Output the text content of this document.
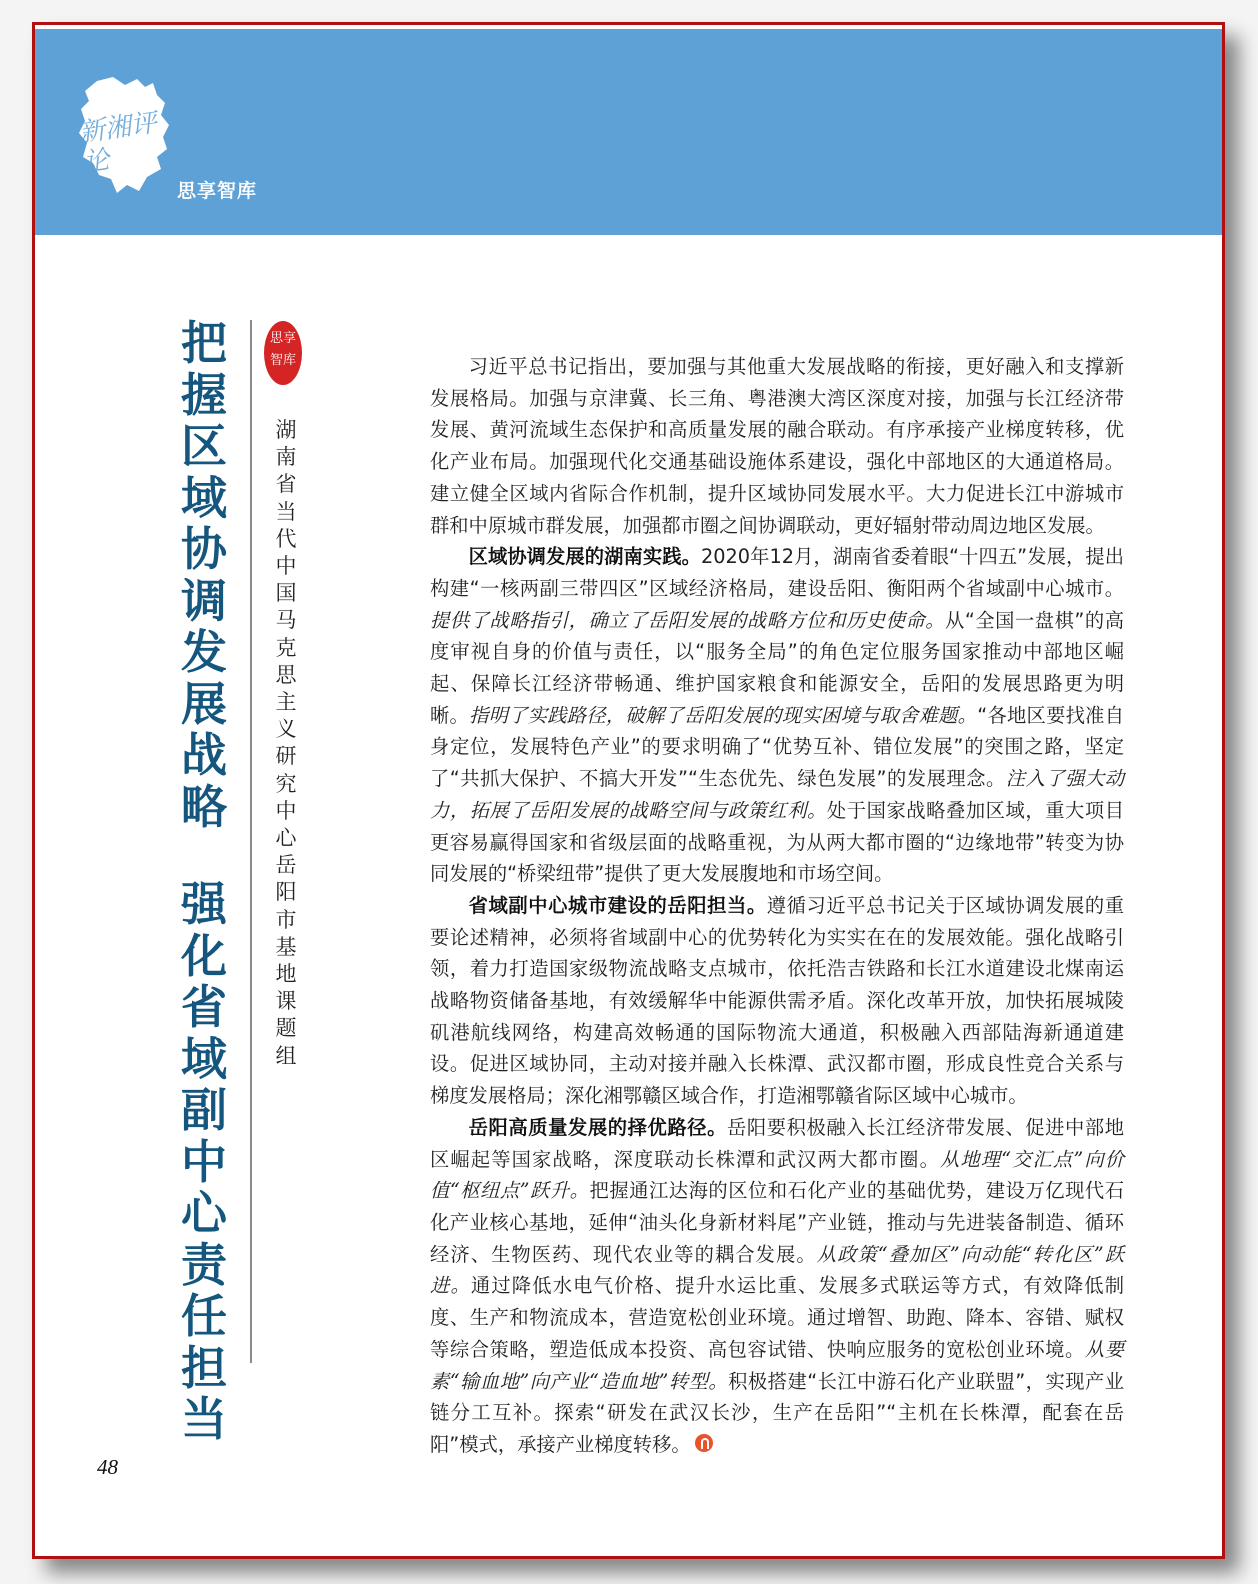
新湘评论
思享智库
把
握
区
域
协
调
发
展
战
略
强
化
省
域
副
中
心
责
任
担
当
思享
智库
湖
南
省
当
代
中
国
马
克
思
主
义
研
究
中
心
岳
阳
市
基
地
课
题
组

习近平总书记指出，要加强与其他重大发展战略的衔接，更好融入和支撑新发展格局。加强与京津冀、长三角、粤港澳大湾区深度对接，加强与长江经济带发展、黄河流域生态保护和高质量发展的融合联动。有序承接产业梯度转移，优化产业布局。加强现代化交通基础设施体系建设，强化中部地区的大通道格局。建立健全区域内省际合作机制，提升区域协同发展水平。大力促进长江中游城市群和中原城市群发展，加强都市圈之间协调联动，更好辐射带动周边地区发展。

区域协调发展的湖南实践。2020年12月，湖南省委着眼“十四五”发展，提出构建“一核两副三带四区”区域经济格局，建设岳阳、衡阳两个省域副中心城市。提供了战略指引，确立了岳阳发展的战略方位和历史使命。从“全国一盘棋”的高度审视自身的价值与责任，以“服务全局”的角色定位服务国家推动中部地区崛起、保障长江经济带畅通、维护国家粮食和能源安全，岳阳的发展思路更为明晰。指明了实践路径，破解了岳阳发展的现实困境与取舍难题。“各地区要找准自身定位，发展特色产业”的要求明确了“优势互补、错位发展”的突围之路，坚定了“共抓大保护、不搞大开发”“生态优先、绿色发展”的发展理念。注入了强大动力，拓展了岳阳发展的战略空间与政策红利。处于国家战略叠加区域，重大项目更容易赢得国家和省级层面的战略重视，为从两大都市圈的“边缘地带”转变为协同发展的“桥梁纽带”提供了更大发展腹地和市场空间。

省域副中心城市建设的岳阳担当。遵循习近平总书记关于区域协调发展的重要论述精神，必须将省域副中心的优势转化为实实在在的发展效能。强化战略引领，着力打造国家级物流战略支点城市，依托浩吉铁路和长江水道建设北煤南运战略物资储备基地，有效缓解华中能源供需矛盾。深化改革开放，加快拓展城陵矶港航线网络，构建高效畅通的国际物流大通道，积极融入西部陆海新通道建设。促进区域协同，主动对接并融入长株潭、武汉都市圈，形成良性竞合关系与梯度发展格局；深化湘鄂赣区域合作，打造湘鄂赣省际区域中心城市。

岳阳高质量发展的择优路径。岳阳要积极融入长江经济带发展、促进中部地区崛起等国家战略，深度联动长株潭和武汉两大都市圈。从地理“交汇点”向价值“枢纽点”跃升。把握通江达海的区位和石化产业的基础优势，建设万亿现代石化产业核心基地，延伸“油头化身新材料尾”产业链，推动与先进装备制造、循环经济、生物医药、现代农业等的耦合发展。从政策“叠加区”向动能“转化区”跃进。通过降低水电气价格、提升水运比重、发展多式联运等方式，有效降低制度、生产和物流成本，营造宽松创业环境。通过增智、助跑、降本、容错、赋权等综合策略，塑造低成本投资、高包容试错、快响应服务的宽松创业环境。从要素“输血地”向产业“造血地”转型。积极搭建“长江中游石化产业联盟”，实现产业链分工互补。探索“研发在武汉长沙，生产在岳阳”“主机在长株潭，配套在岳阳”模式，承接产业梯度转移。

48
